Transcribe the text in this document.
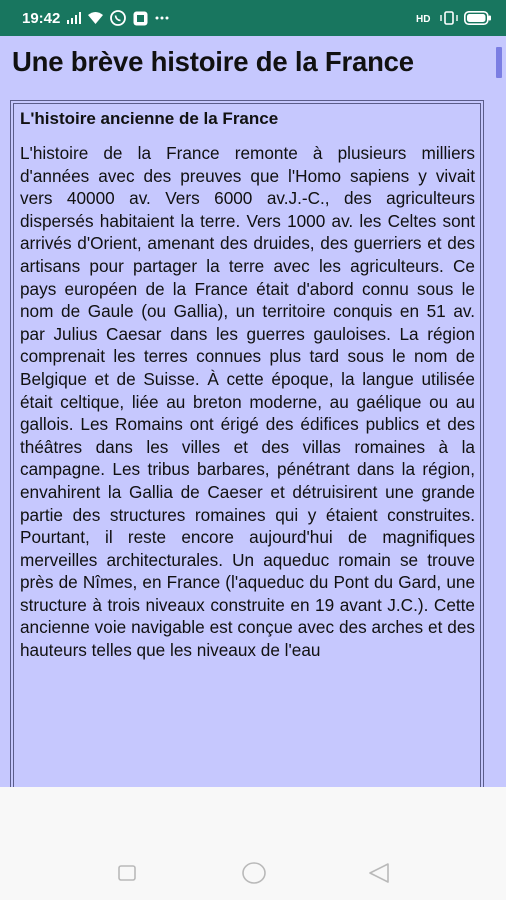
19:42	HD
Une brève histoire de la France
L'histoire ancienne de la France
L'histoire de la France remonte à plusieurs milliers d'années avec des preuves que l'Homo sapiens y vivait vers 40000 av. Vers 6000 av.J.-C., des agriculteurs dispersés habitaient la terre. Vers 1000 av. les Celtes sont arrivés d'Orient, amenant des druides, des guerriers et des artisans pour partager la terre avec les agriculteurs. Ce pays européen de la France était d'abord connu sous le nom de Gaule (ou Gallia), un territoire conquis en 51 av. par Julius Caesar dans les guerres gauloises. La région comprenait les terres connues plus tard sous le nom de Belgique et de Suisse. À cette époque, la langue utilisée était celtique, liée au breton moderne, au gaélique ou au gallois. Les Romains ont érigé des édifices publics et des théâtres dans les villes et des villas romaines à la campagne. Les tribus barbares, pénétrant dans la région, envahirent la Gallia de Caeser et détruisirent une grande partie des structures romaines qui y étaient construites. Pourtant, il reste encore aujourd'hui de magnifiques merveilles architecturales. Un aqueduc romain se trouve près de Nîmes, en France (l'aqueduc du Pont du Gard, une structure à trois niveaux construite en 19 avant J.C.). Cette ancienne voie navigable est conçue avec des arches et des hauteurs telles que les niveaux de l'eau
